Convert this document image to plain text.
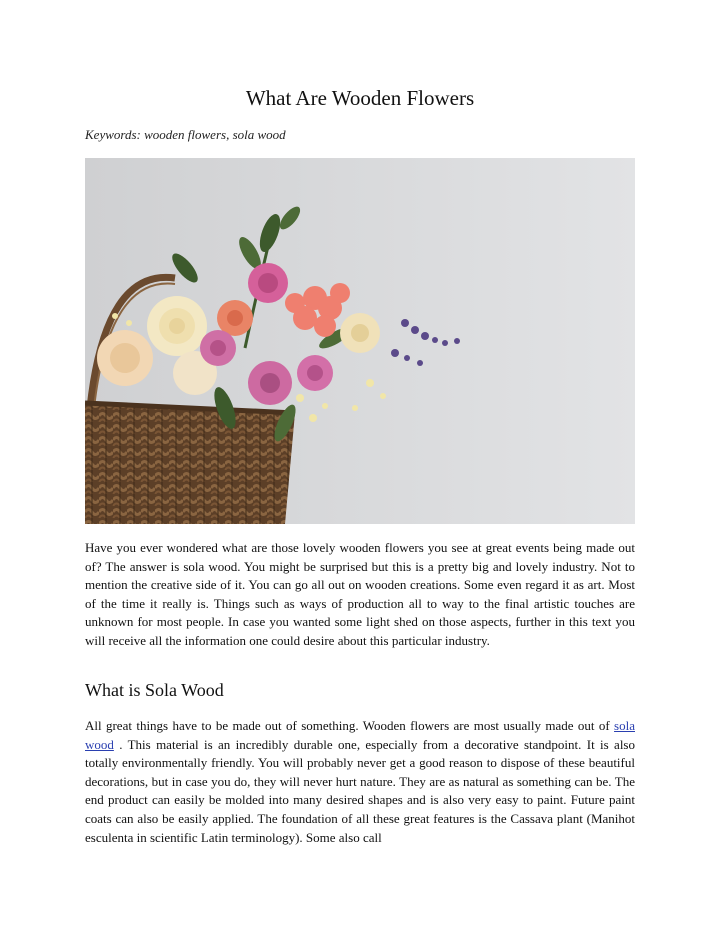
What Are Wooden Flowers

Keywords: wooden flowers, sola wood

Have you ever wondered what are those lovely wooden flowers you see at great events being made out of? The answer is sola wood. You might be surprised but this is a pretty big and lovely industry. Not to mention the creative side of it. You can go all out on wooden creations. Some even regard it as art. Most of the time it really is. Things such as ways of production all to way to the final artistic touches are unknown for most people. In case you wanted some light shed on those aspects, further in this text you will receive all the information one could desire about this particular industry.

What is Sola Wood

All great things have to be made out of something. Wooden flowers are most usually made out of sola wood . This material is an incredibly durable one, especially from a decorative standpoint. It is also totally environmentally friendly. You will probably never get a good reason to dispose of these beautiful decorations, but in case you do, they will never hurt nature. They are as natural as something can be. The end product can easily be molded into many desired shapes and is also very easy to paint. Future paint coats can also be easily applied. The foundation of all these great features is the Cassava plant (Manihot esculenta in scientific Latin terminology). Some also call
